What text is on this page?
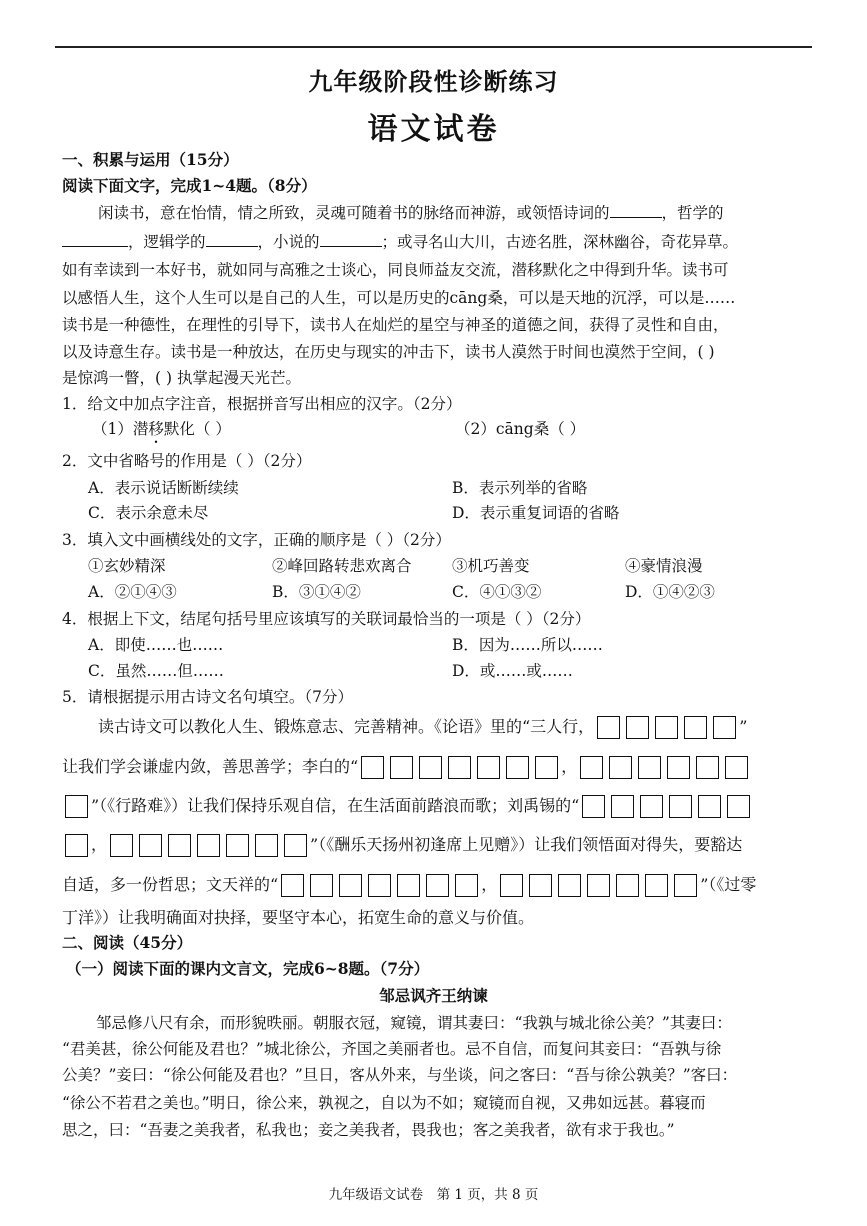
九年级阶段性诊断练习
语文试卷
一、积累与运用（15分）
阅读下面文字，完成1~4题。（8分）
闲读书，意在怡情，情之所致，灵魂可随着书的脉络而神游，或领悟诗词的	，哲学的
，逻辑学的	，小说的	；或寻名山大川，古迹名胜，深林幽谷，奇花异草。
如有幸读到一本好书，就如同与高雅之士谈心，同良师益友交流，潜移默化之中得到升华。读书可
以感悟人生，这个人生可以是自己的人生，可以是历史的cāng桑，可以是天地的沉浮，可以是……
读书是一种德性，在理性的引导下，读书人在灿烂的星空与神圣的道德之间，获得了灵性和自由，
以及诗意生存。读书是一种放达，在历史与现实的冲击下，读书人漠然于时间也漠然于空间，( )
是惊鸿一瞥，( ) 执掌起漫天光芒。
1．给文中加点字注音，根据拼音写出相应的汉字。（2分）
（1）潜移默化（ ）	（2）cāng桑（ ）
2．文中省略号的作用是（ ）（2分）
A．表示说话断断续续	B．表示列举的省略
C．表示余意未尽	D．表示重复词语的省略
3．填入文中画横线处的文字，正确的顺序是（ ）（2分）
①玄妙精深	②峰回路转悲欢离合	③机巧善变	④豪情浪漫
A．②①④③	B．③①④②	C．④①③②	D．①④②③
4．根据上下文，结尾句括号里应该填写的关联词最恰当的一项是（ ）（2分）
A．即使……也……	B．因为……所以……
C．虽然……但……	D．或……或……
5．请根据提示用古诗文名句填空。（7分）
读古诗文可以教化人生、锻炼意志、完善精神。《论语》里的“三人行，	”
让我们学会谦虚内敛，善思善学；李白的“	，
”（《行路难》）让我们保持乐观自信，在生活面前踏浪而歌；刘禹锡的“
，	”（《酬乐天扬州初逢席上见赠》）让我们领悟面对得失，要豁达
自适，多一份哲思；文天祥的“	，	”（《过零
丁洋》）让我明确面对抉择，要坚守本心，拓宽生命的意义与价值。
二、阅读（45分）
（一）阅读下面的课内文言文，完成6~8题。（7分）
邹忌讽齐王纳谏
邹忌修八尺有余，而形貌昳丽。朝服衣冠，窥镜，谓其妻曰：“我孰与城北徐公美？”其妻曰：
“君美甚，徐公何能及君也？”城北徐公，齐国之美丽者也。忌不自信，而复问其妾曰：“吾孰与徐
公美？”妾曰：“徐公何能及君也？”旦日，客从外来，与坐谈，问之客曰：“吾与徐公孰美？”客曰：
“徐公不若君之美也。”明日，徐公来，孰视之，自以为不如；窥镜而自视，又弗如远甚。暮寝而
思之，曰：“吾妻之美我者，私我也；妾之美我者，畏我也；客之美我者，欲有求于我也。”
九年级语文试卷　第 1 页，共 8 页
